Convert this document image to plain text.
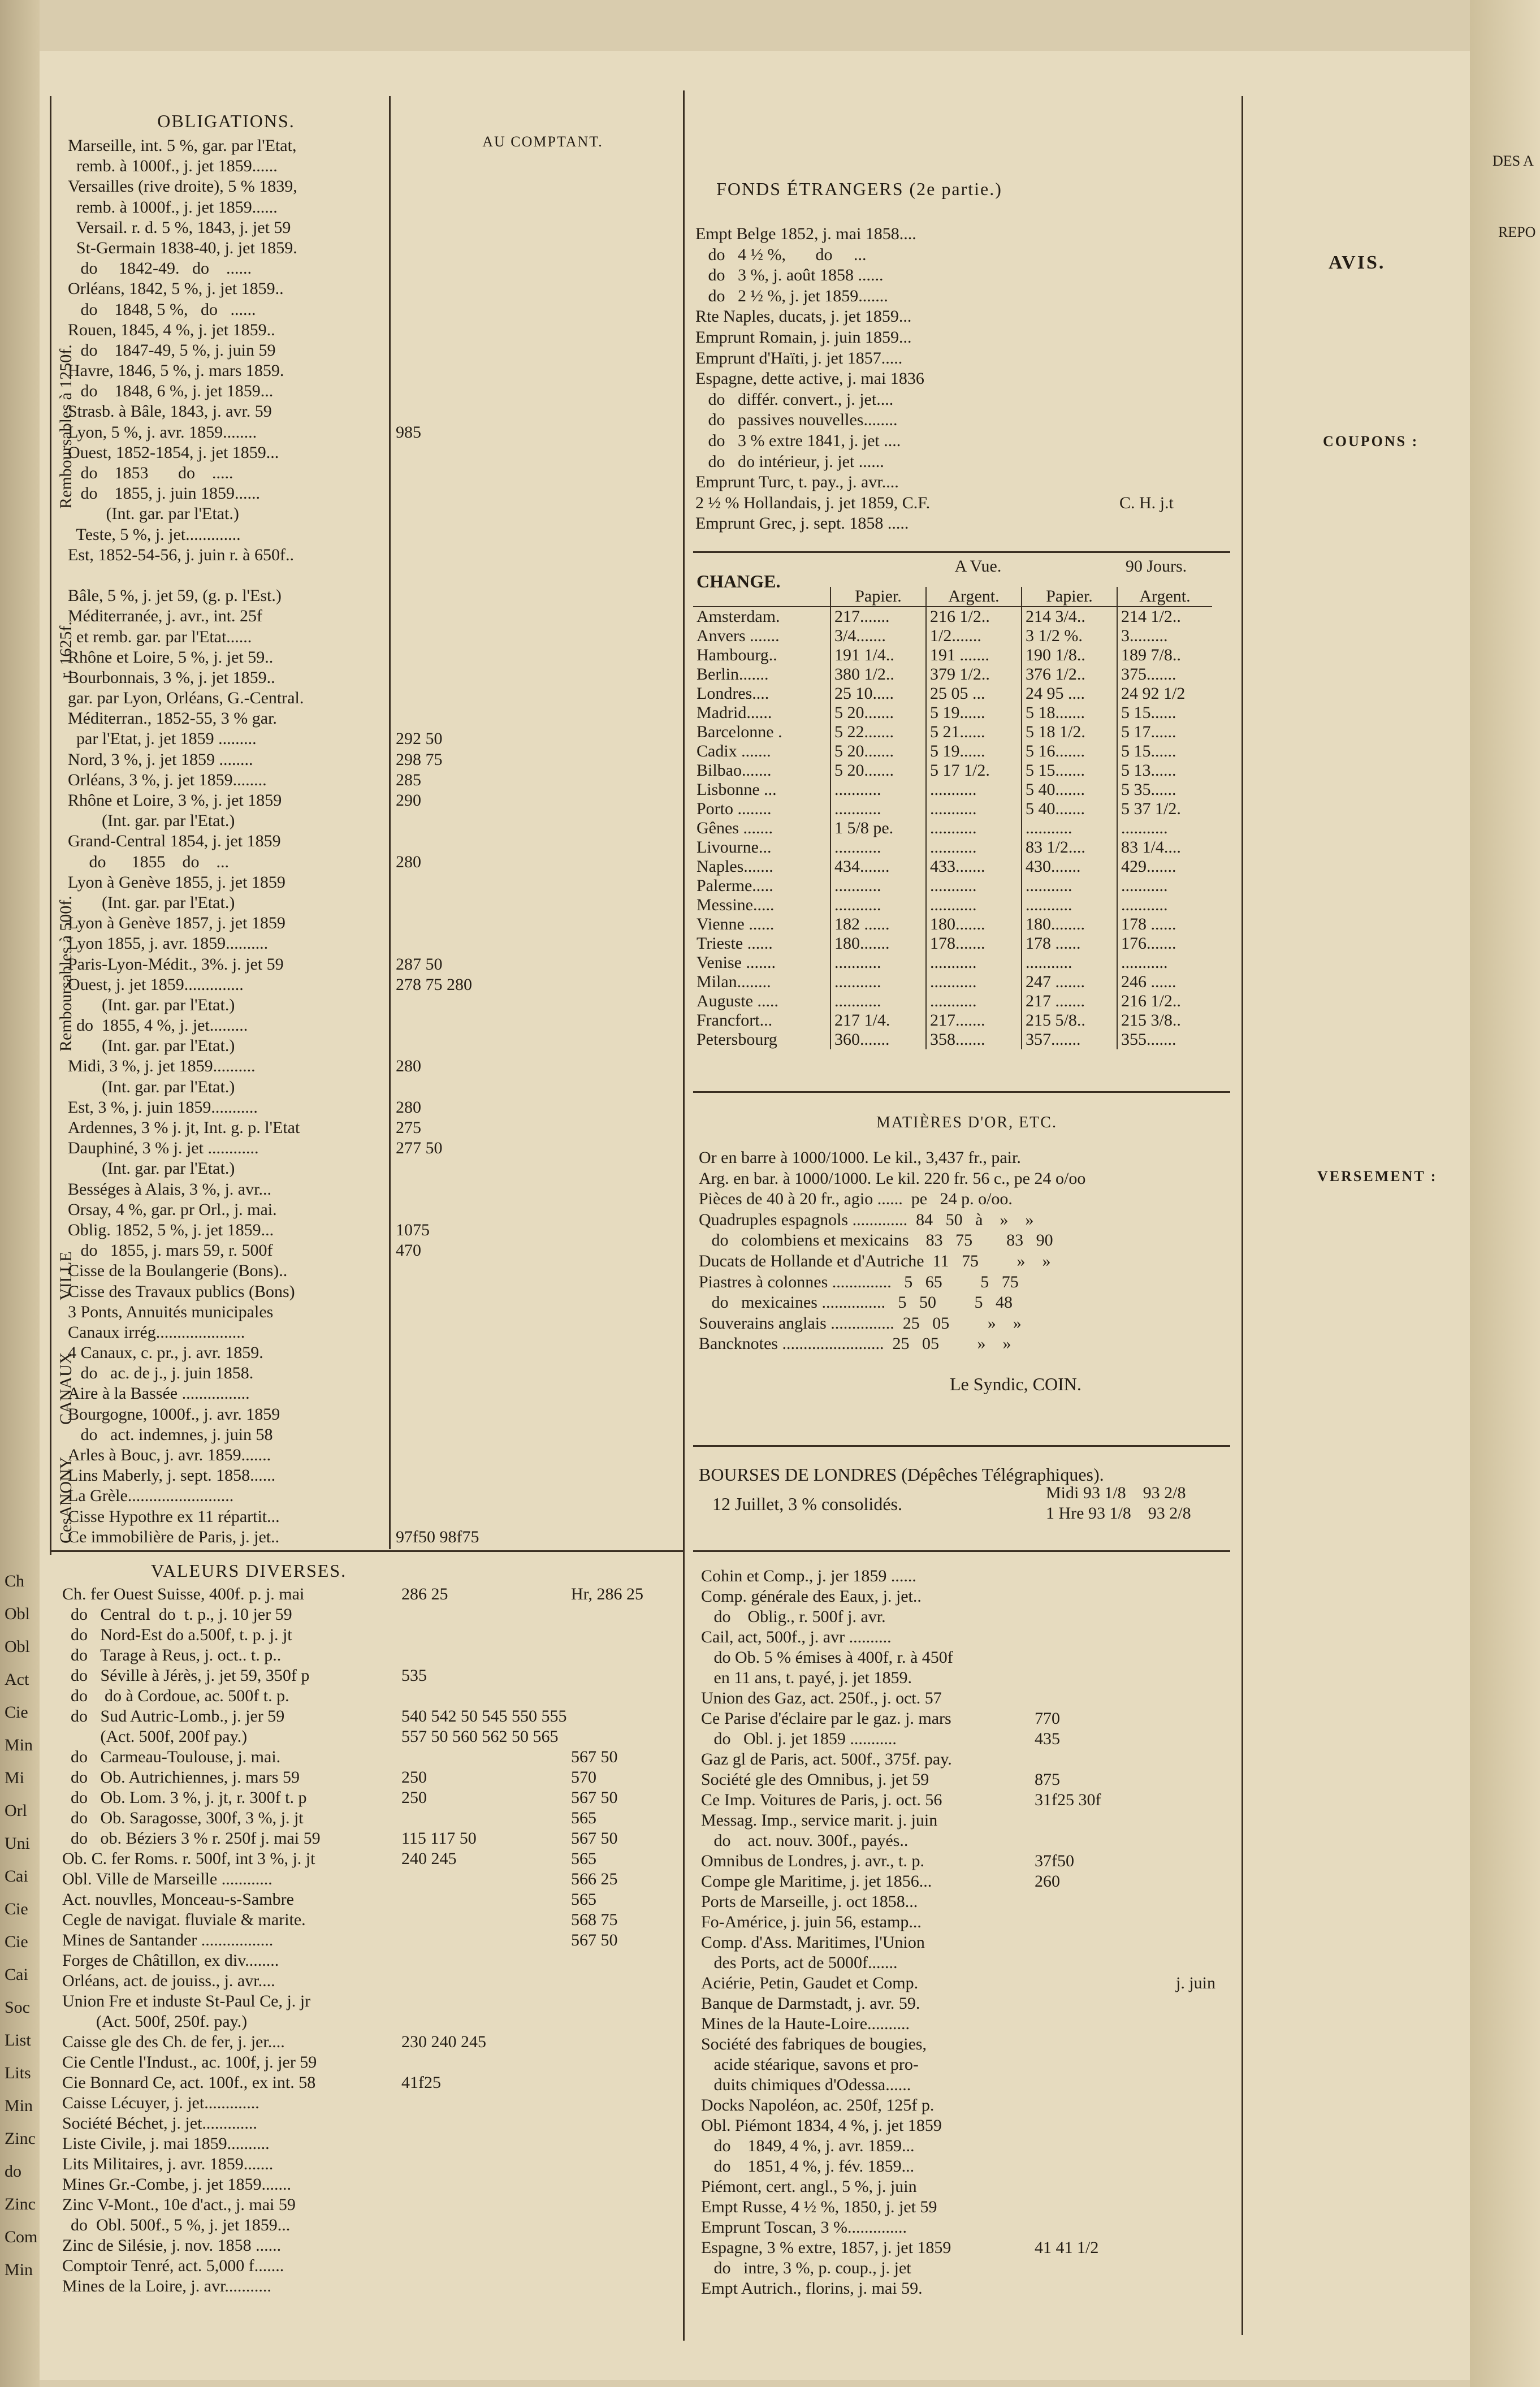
OBLIGATIONS.
AU COMPTANT.
FONDS ÉTRANGERS (2e partie.)
AVIS.
COUPONS :
VERSEMENT :
DES A
REPO
Remboursables à 1250f.
Remboursables à 500f.
r. 1625f.
VILLE
CANAUX
CesANONY.
Marseille, int. 5 %, gar. par l'Etat,
remb. à 1000f., j. jet 1859......
Versailles (rive droite), 5 % 1839,
remb. à 1000f., j. jet 1859......
Versail. r. d. 5 %, 1843, j. jet 59
St-Germain 1838-40, j. jet 1859.
do     1842-49.   do    ......
Orléans, 1842, 5 %, j. jet 1859..
do    1848, 5 %,   do   ......
Rouen, 1845, 4 %, j. jet 1859..
do    1847-49, 5 %, j. juin 59
Havre, 1846, 5 %, j. mars 1859.
do    1848, 6 %, j. jet 1859...
Strasb. à Bâle, 1843, j. avr. 59
Lyon, 5 %, j. avr. 1859........	985
Ouest, 1852-1854, j. jet 1859...
do    1853       do    .....
do    1855, j. juin 1859......
(Int. gar. par l'Etat.)
Teste, 5 %, j. jet.............
Est, 1852-54-56, j. juin r. à 650f..
Bâle, 5 %, j. jet 59, (g. p. l'Est.)
Méditerranée, j. avr., int. 25f
et remb. gar. par l'Etat......
Rhône et Loire, 5 %, j. jet 59..
Bourbonnais, 3 %, j. jet 1859..
gar. par Lyon, Orléans, G.-Central.
Méditerran., 1852-55, 3 % gar.
par l'Etat, j. jet 1859 .........	292 50
Nord, 3 %, j. jet 1859 ........	298 75
Orléans, 3 %, j. jet 1859........	285
Rhône et Loire, 3 %, j. jet 1859	290
(Int. gar. par l'Etat.)
Grand-Central 1854, j. jet 1859
do      1855    do    ...	280
Lyon à Genève 1855, j. jet 1859
(Int. gar. par l'Etat.)
Lyon à Genève 1857, j. jet 1859
Lyon 1855, j. avr. 1859..........
Paris-Lyon-Médit., 3%. j. jet 59	287 50
Ouest, j. jet 1859..............	278 75 280
(Int. gar. par l'Etat.)
do  1855, 4 %, j. jet.........
(Int. gar. par l'Etat.)
Midi, 3 %, j. jet 1859..........	280
(Int. gar. par l'Etat.)
Est, 3 %, j. juin 1859...........	280
Ardennes, 3 % j. jt, Int. g. p. l'Etat	275
Dauphiné, 3 % j. jet ............	277 50
(Int. gar. par l'Etat.)
Bességes à Alais, 3 %, j. avr...
Orsay, 4 %, gar. pr Orl., j. mai.
Oblig. 1852, 5 %, j. jet 1859...	1075
do   1855, j. mars 59, r. 500f	470
Cisse de la Boulangerie (Bons)..
Cisse des Travaux publics (Bons)
3 Ponts, Annuités municipales
Canaux irrég.....................
4 Canaux, c. pr., j. avr. 1859.
do   ac. de j., j. juin 1858.
Aire à la Bassée ................
Bourgogne, 1000f., j. avr. 1859
do   act. indemnes, j. juin 58
Arles à Bouc, j. avr. 1859.......
Lins Maberly, j. sept. 1858......
La Grèle.........................
Cisse Hypothre ex 11 répartit...
Ce immobilière de Paris, j. jet..	97f50 98f75
Empt Belge 1852, j. mai 1858....
do   4 ½ %,       do     ...
do   3 %, j. août 1858 ......
do   2 ½ %, j. jet 1859.......
Rte Naples, ducats, j. jet 1859...
Emprunt Romain, j. juin 1859...
Emprunt d'Haïti, j. jet 1857.....
Espagne, dette active, j. mai 1836
do   différ. convert., j. jet....
do   passives nouvelles........
do   3 % extre 1841, j. jet ....
do   do intérieur, j. jet ......
Emprunt Turc, t. pay., j. avr....
2 ½ % Hollandais, j. jet 1859, C.F.	C. H. j.t
Emprunt Grec, j. sept. 1858 .....
CHANGE.
A Vue.	90 Jours.
	Papier.	Argent.	Papier.	Argent.
Amsterdam.	217.......	216 1/2..	214 3/4..	214 1/2..
Anvers .......	3/4.......	1/2.......	3 1/2 %.	3.........
Hambourg..	191 1/4..	191 .......	190 1/8..	189 7/8..
Berlin.......	380 1/2..	379 1/2..	376 1/2..	375.......
Londres....	25 10.....	25 05 ...	24 95 ....	24 92 1/2
Madrid......	5 20.......	5 19......	5 18.......	5 15......
Barcelonne .	5 22.......	5 21......	5 18 1/2.	5 17......
Cadix .......	5 20.......	5 19......	5 16.......	5 15......
Bilbao.......	5 20.......	5 17 1/2.	5 15.......	5 13......
Lisbonne ...	...........	...........	5 40.......	5 35......
Porto ........	...........	...........	5 40.......	5 37 1/2.
Gênes .......	1 5/8 pe.	...........	...........	...........
Livourne...	...........	...........	83 1/2....	83 1/4....
Naples.......	434.......	433.......	430.......	429.......
Palerme.....	...........	...........	...........	...........
Messine.....	...........	...........	...........	...........
Vienne ......	182 ......	180.......	180........	178 ......
Trieste ......	180.......	178.......	178 ......	176.......
Venise .......	...........	...........	...........	...........
Milan........	...........	...........	247 .......	246 ......
Auguste .....	...........	...........	217 .......	216 1/2..
Francfort...	217 1/4.	217.......	215 5/8..	215 3/8..
Petersbourg	360.......	358.......	357.......	355.......
MATIÈRES D'OR, ETC.
Or en barre à 1000/1000. Le kil., 3,437 fr., pair.
Arg. en bar. à 1000/1000. Le kil. 220 fr. 56 c., pe 24 o/oo
Pièces de 40 à 20 fr., agio ......  pe   24 p. o/oo.
Quadruples espagnols .............  84   50   à    »    »
do   colombiens et mexicains    83   75        83   90
Ducats de Hollande et d'Autriche  11   75         »    »
Piastres à colonnes ..............   5   65         5   75
do   mexicaines ...............   5   50         5   48
Souverains anglais ...............  25   05         »    »
Bancknotes ........................  25   05         »    »
Le Syndic, COIN.
BOURSES DE LONDRES (Dépêches Télégraphiques).
12 Juillet, 3 % consolidés.
Midi 93 1/8    93 2/8
1 Hre 93 1/8    93 2/8
VALEURS DIVERSES.
Ch. fer Ouest Suisse, 400f. p. j. mai	286 25	Hr, 286 25
do   Central  do  t. p., j. 10 jer 59
do   Nord-Est do a.500f, t. p. j. jt
do   Tarage à Reus, j. oct.. t. p..
do   Séville à Jérès, j. jet 59, 350f p	535
do    do à Cordoue, ac. 500f t. p.
do   Sud Autric-Lomb., j. jer 59	540 542 50 545 550 555
(Act. 500f, 200f pay.)	557 50 560 562 50 565
do   Carmeau-Toulouse, j. mai.	567 50
do   Ob. Autrichiennes, j. mars 59	250	570
do   Ob. Lom. 3 %, j. jt, r. 300f t. p	250	567 50
do   Ob. Saragosse, 300f, 3 %, j. jt	565
do   ob. Béziers 3 % r. 250f j. mai 59	115 117 50	567 50
Ob. C. fer Roms. r. 500f, int 3 %, j. jt	240 245	565
Obl. Ville de Marseille ............	566 25
Act. nouvlles, Monceau-s-Sambre	565
Cegle de navigat. fluviale & marite.	568 75
Mines de Santander .................	567 50
Forges de Châtillon, ex div........
Orléans, act. de jouiss., j. avr....
Union Fre et induste St-Paul Ce, j. jr
(Act. 500f, 250f. pay.)
Caisse gle des Ch. de fer, j. jer....	230 240 245
Cie Centle l'Indust., ac. 100f, j. jer 59
Cie Bonnard Ce, act. 100f., ex int. 58	41f25
Caisse Lécuyer, j. jet.............
Société Béchet, j. jet.............
Liste Civile, j. mai 1859..........
Lits Militaires, j. avr. 1859.......
Mines Gr.-Combe, j. jet 1859.......
Zinc V-Mont., 10e d'act., j. mai 59
do  Obl. 500f., 5 %, j. jet 1859...
Zinc de Silésie, j. nov. 1858 ......
Comptoir Tenré, act. 5,000 f.......
Mines de la Loire, j. avr...........
Cohin et Comp., j. jer 1859 ......
Comp. générale des Eaux, j. jet..
do    Oblig., r. 500f j. avr.
Cail, act, 500f., j. avr ..........
do Ob. 5 % émises à 400f, r. à 450f
en 11 ans, t. payé, j. jet 1859.
Union des Gaz, act. 250f., j. oct. 57
Ce Parise d'éclaire par le gaz. j. mars	770
do   Obl. j. jet 1859 ...........	435
Gaz gl de Paris, act. 500f., 375f. pay.
Société gle des Omnibus, j. jet 59	875
Ce Imp. Voitures de Paris, j. oct. 56	31f25 30f
Messag. Imp., service marit. j. juin
do    act. nouv. 300f., payés..
Omnibus de Londres, j. avr., t. p.	37f50
Compe gle Maritime, j. jet 1856...	260
Ports de Marseille, j. oct 1858...
Fo-Américe, j. juin 56, estamp...
Comp. d'Ass. Maritimes, l'Union
des Ports, act de 5000f.......
Aciérie, Petin, Gaudet et Comp.	j. juin
Banque de Darmstadt, j. avr. 59.
Mines de la Haute-Loire..........
Société des fabriques de bougies,
acide stéarique, savons et pro-
duits chimiques d'Odessa......
Docks Napoléon, ac. 250f, 125f p.
Obl. Piémont 1834, 4 %, j. jet 1859
do    1849, 4 %, j. avr. 1859...
do    1851, 4 %, j. fév. 1859...
Piémont, cert. angl., 5 %, j. juin
Empt Russe, 4 ½ %, 1850, j. jet 59
Emprunt Toscan, 3 %..............
Espagne, 3 % extre, 1857, j. jet 1859	41 41 1/2
do   intre, 3 %, p. coup., j. jet
Empt Autrich., florins, j. mai 59.
Ch
Obl
Obl
Act
Cie
Min
Mi
Orl
Uni
Cai
Cie
Cie
Cai
Soc
List
Lits
Min
Zinc
do
Zinc
Com
Min
